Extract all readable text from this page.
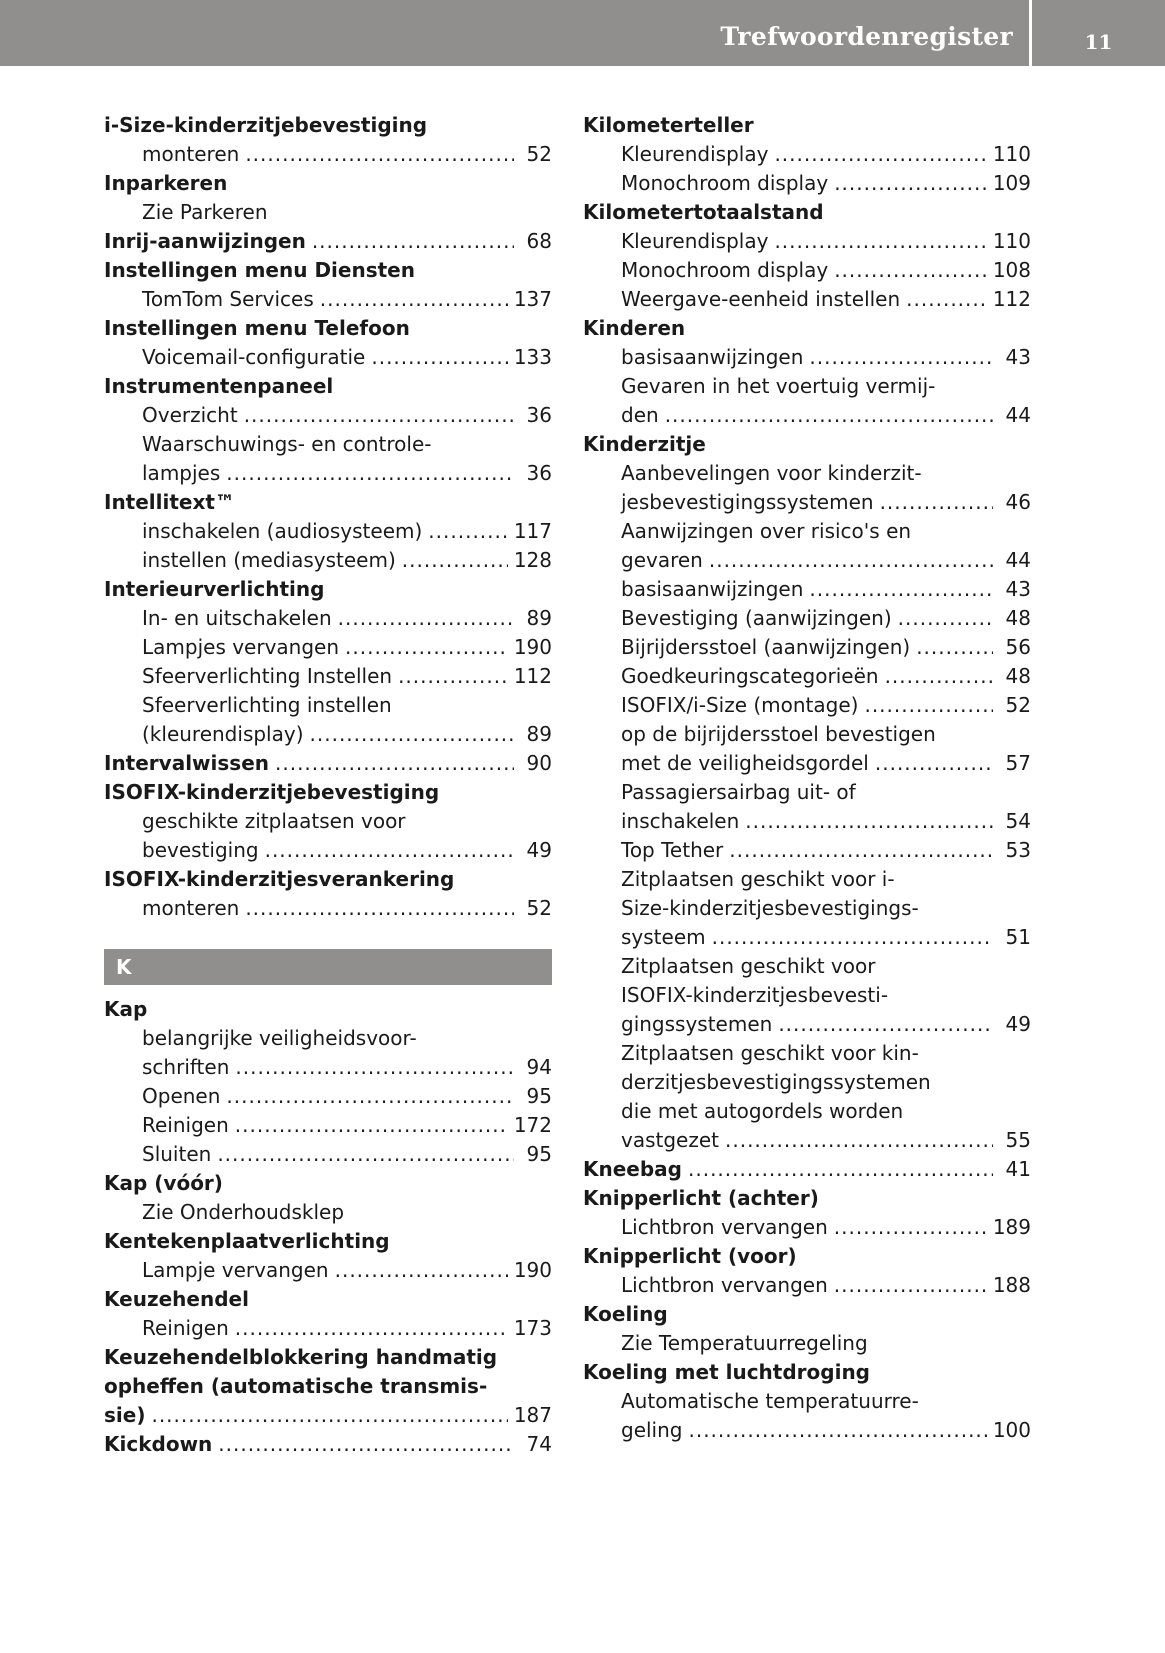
Trefwoordenregister	11
i-Size-kinderzitjebevestiging
monteren .....	52
Inparkeren
Zie Parkeren
Inrij-aanwijzingen .....	68
Instellingen menu Diensten
TomTom Services .....	137
Instellingen menu Telefoon
Voicemail-configuratie .....	133
Instrumentenpaneel
Overzicht .....	36
Waarschuwings- en controle-
lampjes .....	36
Intellitext™
inschakelen (audiosysteem) .....	117
instellen (mediasysteem) .....	128
Interieurverlichting
In- en uitschakelen .....	89
Lampjes vervangen .....	190
Sfeerverlichting Instellen .....	112
Sfeerverlichting instellen
(kleurendisplay) .....	89
Intervalwissen .....	90
ISOFIX-kinderzitjebevestiging
geschikte zitplaatsen voor
bevestiging .....	49
ISOFIX-kinderzitjesverankering
monteren .....	52
K
Kap
belangrijke veiligheidsvoor-
schriften .....	94
Openen .....	95
Reinigen .....	172
Sluiten .....	95
Kap (vóór)
Zie Onderhoudsklep
Kentekenplaatverlichting
Lampje vervangen .....	190
Keuzehendel
Reinigen .....	173
Keuzehendelblokkering handmatig
opheffen (automatische transmis-
sie) .....	187
Kickdown .....	74
Kilometerteller
Kleurendisplay .....	110
Monochroom display .....	109
Kilometertotaalstand
Kleurendisplay .....	110
Monochroom display .....	108
Weergave-eenheid instellen .....	112
Kinderen
basisaanwijzingen .....	43
Gevaren in het voertuig vermij-
den .....	44
Kinderzitje
Aanbevelingen voor kinderzit-
jesbevestigingssystemen .....	46
Aanwijzingen over risico's en
gevaren .....	44
basisaanwijzingen .....	43
Bevestiging (aanwijzingen) .....	48
Bijrijdersstoel (aanwijzingen) .....	56
Goedkeuringscategorieën .....	48
ISOFIX/i-Size (montage) .....	52
op de bijrijdersstoel bevestigen
met de veiligheidsgordel .....	57
Passagiersairbag uit- of
inschakelen .....	54
Top Tether .....	53
Zitplaatsen geschikt voor i-
Size-kinderzitjesbevestigings-
systeem .....	51
Zitplaatsen geschikt voor
ISOFIX-kinderzitjesbevesti-
gingssystemen .....	49
Zitplaatsen geschikt voor kin-
derzitjesbevestigingssystemen
die met autogordels worden
vastgezet .....	55
Kneebag .....	41
Knipperlicht (achter)
Lichtbron vervangen .....	189
Knipperlicht (voor)
Lichtbron vervangen .....	188
Koeling
Zie Temperatuurregeling
Koeling met luchtdroging
Automatische temperatuurre-
geling .....	100
